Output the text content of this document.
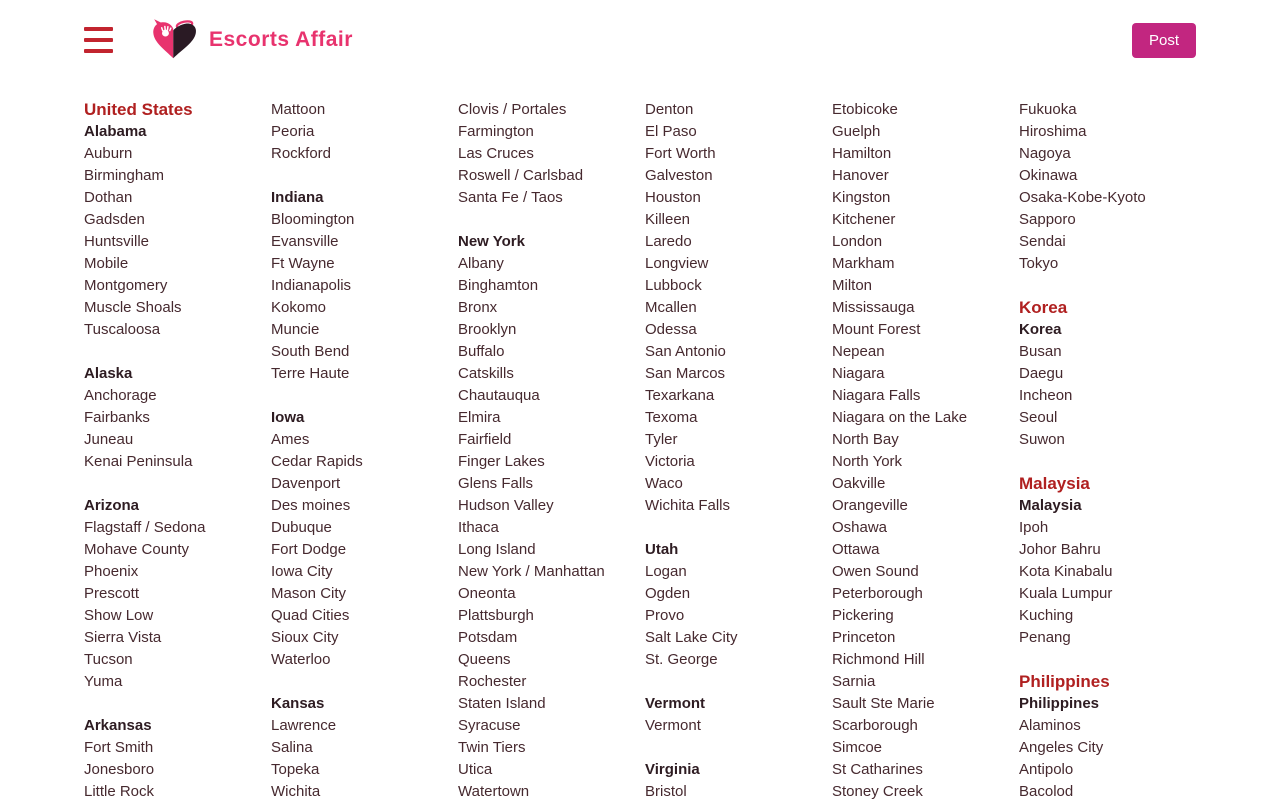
Escorts Affair	Post
United States
Alabama
Auburn
Birmingham
Dothan
Gadsden
Huntsville
Mobile
Montgomery
Muscle Shoals
Tuscaloosa
Alaska
Anchorage
Fairbanks
Juneau
Kenai Peninsula
Arizona
Flagstaff / Sedona
Mohave County
Phoenix
Prescott
Show Low
Sierra Vista
Tucson
Yuma
Arkansas
Fort Smith
Jonesboro
Little Rock
Mattoon
Peoria
Rockford
Indiana
Bloomington
Evansville
Ft Wayne
Indianapolis
Kokomo
Muncie
South Bend
Terre Haute
Iowa
Ames
Cedar Rapids
Davenport
Des moines
Dubuque
Fort Dodge
Iowa City
Mason City
Quad Cities
Sioux City
Waterloo
Kansas
Lawrence
Salina
Topeka
Wichita
Clovis / Portales
Farmington
Las Cruces
Roswell / Carlsbad
Santa Fe / Taos
New York
Albany
Binghamton
Bronx
Brooklyn
Buffalo
Catskills
Chautauqua
Elmira
Fairfield
Finger Lakes
Glens Falls
Hudson Valley
Ithaca
Long Island
New York / Manhattan
Oneonta
Plattsburgh
Potsdam
Queens
Rochester
Staten Island
Syracuse
Twin Tiers
Utica
Watertown
Denton
El Paso
Fort Worth
Galveston
Houston
Killeen
Laredo
Longview
Lubbock
Mcallen
Odessa
San Antonio
San Marcos
Texarkana
Texoma
Tyler
Victoria
Waco
Wichita Falls
Utah
Logan
Ogden
Provo
Salt Lake City
St. George
Vermont
Vermont
Virginia
Bristol
Etobicoke
Guelph
Hamilton
Hanover
Kingston
Kitchener
London
Markham
Milton
Mississauga
Mount Forest
Nepean
Niagara
Niagara Falls
Niagara on the Lake
North Bay
North York
Oakville
Orangeville
Oshawa
Ottawa
Owen Sound
Peterborough
Pickering
Princeton
Richmond Hill
Sarnia
Sault Ste Marie
Scarborough
Simcoe
St Catharines
Stoney Creek
Fukuoka
Hiroshima
Nagoya
Okinawa
Osaka-Kobe-Kyoto
Sapporo
Sendai
Tokyo
Korea
Korea
Busan
Daegu
Incheon
Seoul
Suwon
Malaysia
Malaysia
Ipoh
Johor Bahru
Kota Kinabalu
Kuala Lumpur
Kuching
Penang
Philippines
Philippines
Alaminos
Angeles City
Antipolo
Bacolod
